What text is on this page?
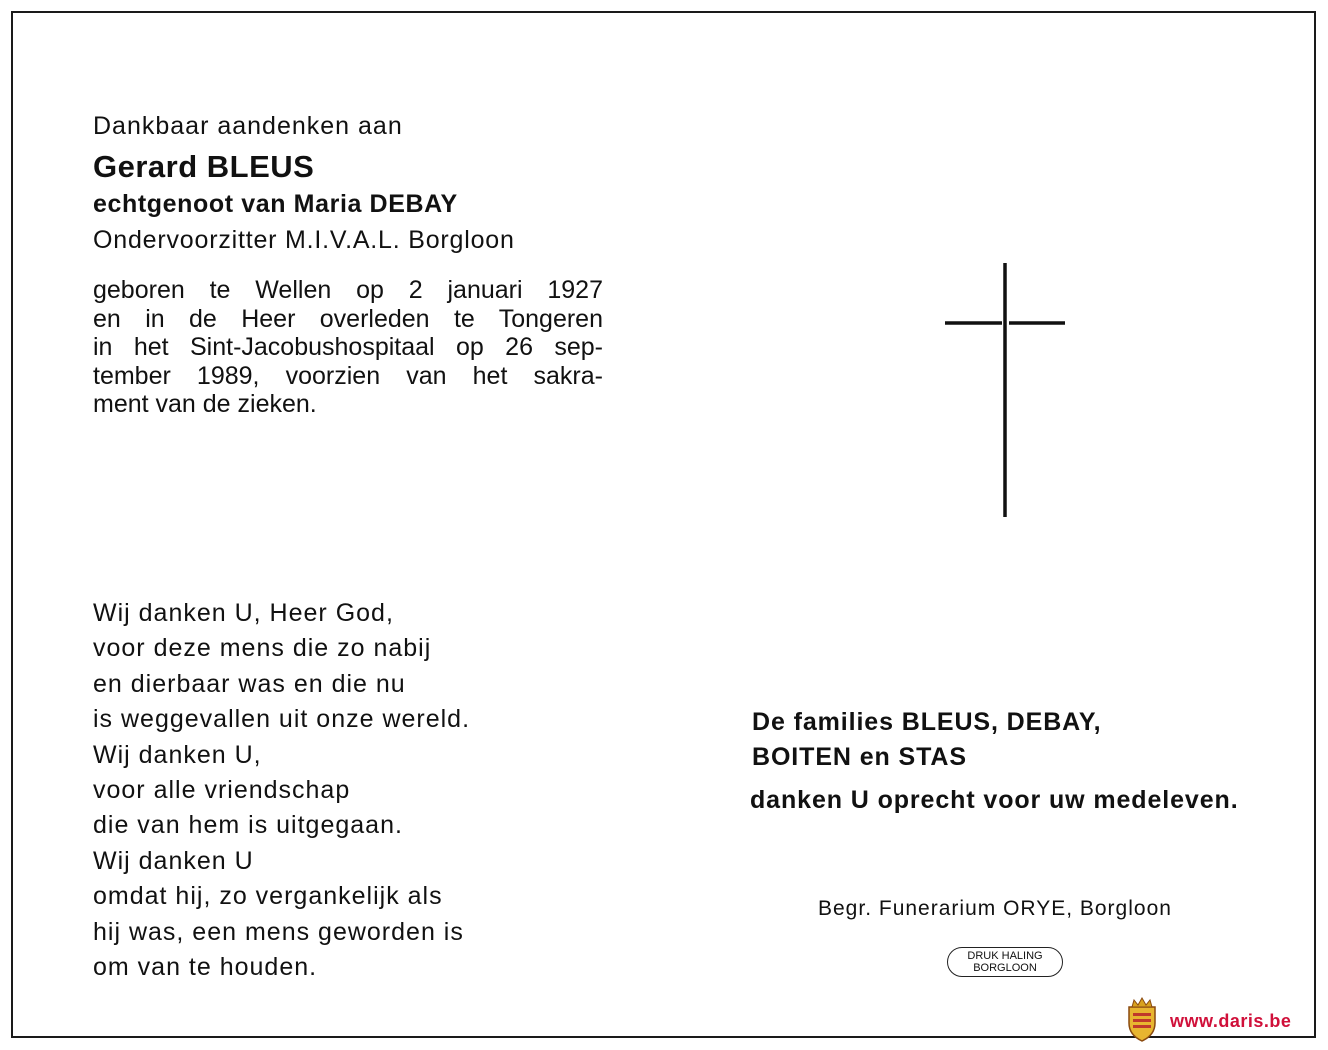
Dankbaar aandenken aan
Gerard BLEUS
echtgenoot van Maria DEBAY
Ondervoorzitter M.I.V.A.L. Borgloon
geboren te Wellen op 2 januari 1927
en in de Heer overleden te Tongeren
in het Sint-Jacobushospitaal op 26 sep-
tember 1989, voorzien van het sakra-
ment van de zieken.
Wij danken U, Heer God,
voor deze mens die zo nabij
en dierbaar was en die nu
is weggevallen uit onze wereld.
Wij danken U,
voor alle vriendschap
die van hem is uitgegaan.
Wij danken U
omdat hij, zo vergankelijk als
hij was, een mens geworden is
om van te houden.
De families BLEUS, DEBAY,
BOITEN en STAS
danken U oprecht voor uw medeleven.
Begr. Funerarium ORYE, Borgloon
DRUK HALING
BORGLOON
www.daris.be
